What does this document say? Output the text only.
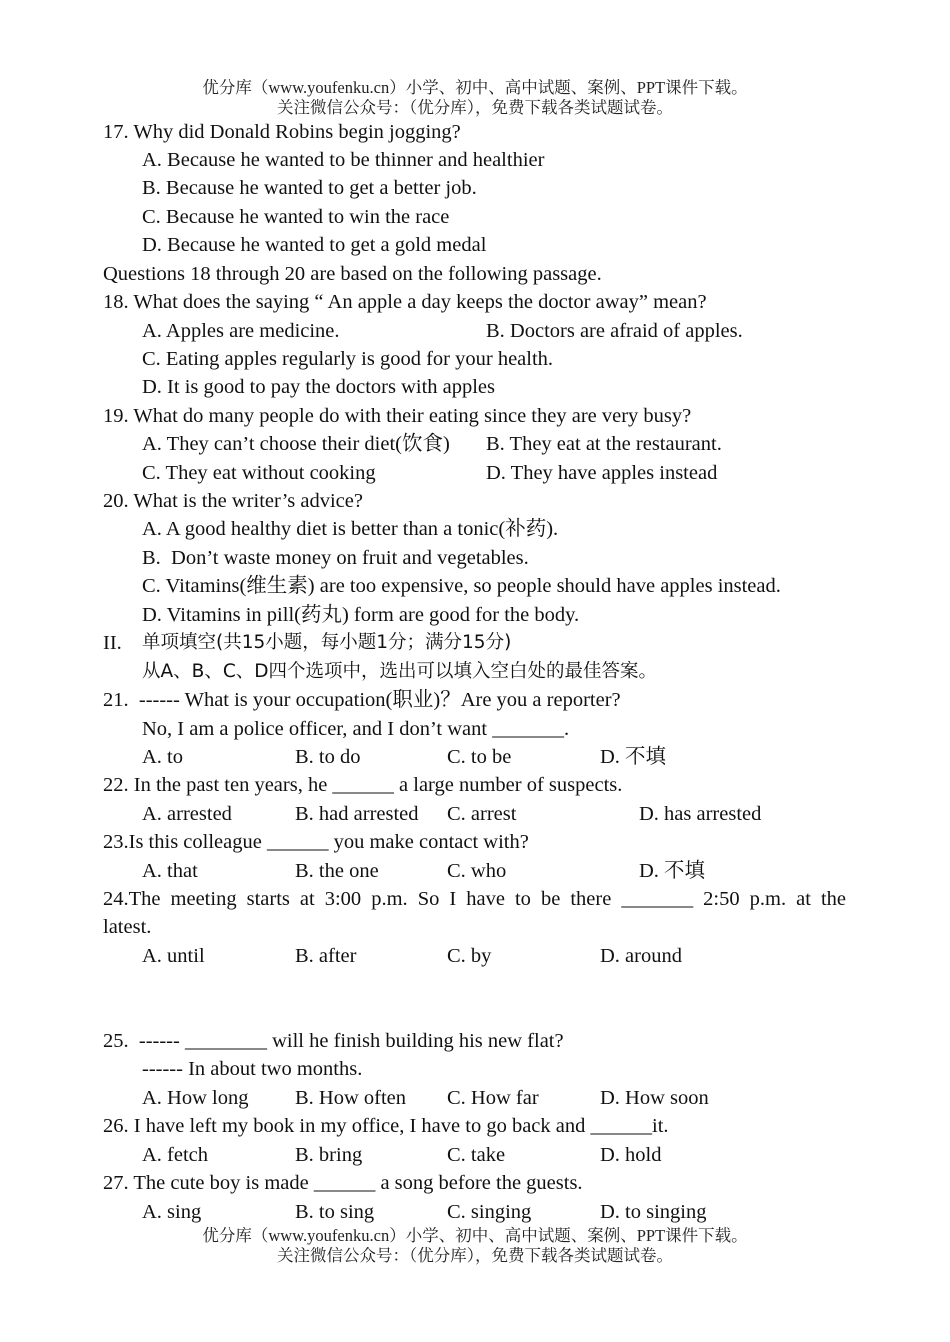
优分库（www.youfenku.cn）小学、初中、高中试题、案例、PPT课件下载。
关注微信公众号：（优分库），免费下载各类试题试卷。
17. Why did Donald Robins begin jogging?
A. Because he wanted to be thinner and healthier
B. Because he wanted to get a better job.
C. Because he wanted to win the race
D. Because he wanted to get a gold medal
Questions 18 through 20 are based on the following passage.
18. What does the saying “ An apple a day keeps the doctor away” mean?
A. Apples are medicine.	B. Doctors are afraid of apples.
C. Eating apples regularly is good for your health.
D. It is good to pay the doctors with apples
19. What do many people do with their eating since they are very busy?
A. They can’t choose their diet(饮食) B. They eat at the restaurant.
C. They eat without cooking	D. They have apples instead
20. What is the writer’s advice?
A. A good healthy diet is better than a tonic(补药).
B.  Don’t waste money on fruit and vegetables.
C. Vitamins(维生素) are too expensive, so people should have apples instead.
D. Vitamins in pill(药丸) form are good for the body.
II. 单项填空(共15小题，每小题1分；满分15分)
从A、B、C、D四个选项中，选出可以填入空白处的最佳答案。
21.  ------ What is your occupation(职业)？Are you a reporter?
No, I am a police officer, and I don’t want _______.
A. to	B. to do	C. to be	D. 不填
22. In the past ten years, he ______ a large number of suspects.
A. arrested	B. had arrested C. arrest	D. has arrested
23.Is this colleague ______ you make contact with?
A. that	B. the one	C. who	D. 不填
24.The meeting starts at 3:00 p.m. So I have to be there _______ 2:50 p.m. at the
latest.
A. until	B. after	C. by	D. around
25.  ------ ________ will he finish building his new flat?
------ In about two months.
A. How long B. How often C. How far	D. How soon
26. I have left my book in my office, I have to go back and ______it.
A. fetch	B. bring	C. take	D. hold
27. The cute boy is made ______ a song before the guests.
A. sing	B. to sing	C. singing	D. to singing
优分库（www.youfenku.cn）小学、初中、高中试题、案例、PPT课件下载。
关注微信公众号：（优分库），免费下载各类试题试卷。
